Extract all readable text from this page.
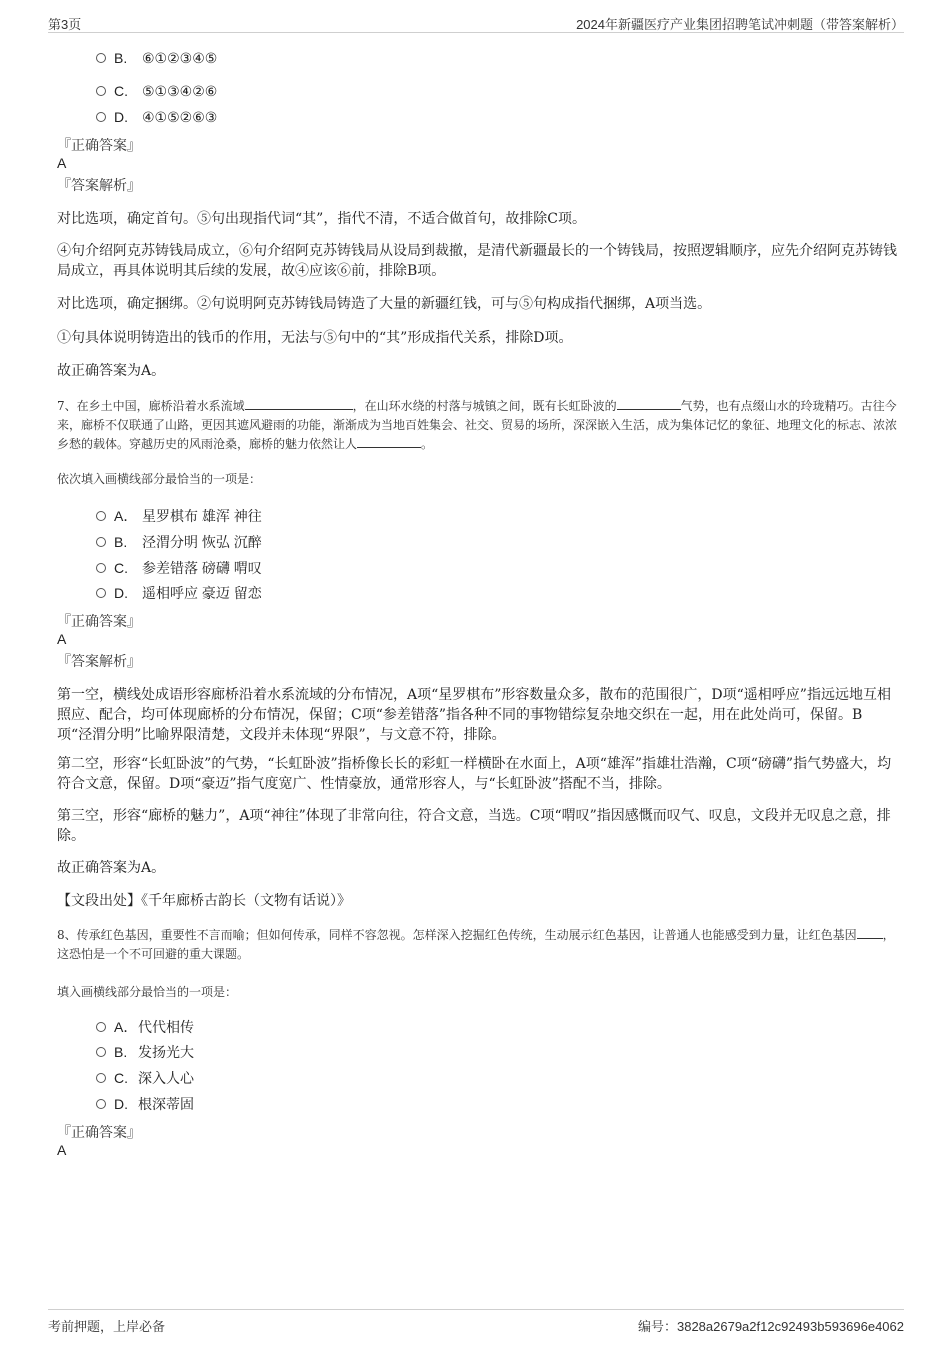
第3页	2024年新疆医疗产业集团招聘笔试冲刺题（带答案解析）
B. ⑥①②③④⑤
C. ⑤①③④②⑥
D. ④①⑤②⑥③
『正确答案』
A
『答案解析』
对比选项，确定首句。⑤句出现指代词“其”，指代不清，不适合做首句，故排除C项。
④句介绍阿克苏铸钱局成立，⑥句介绍阿克苏铸钱局从设局到裁撤，是清代新疆最长的一个铸钱局，按照逻辑顺序，应先介绍阿克苏铸钱局成立，再具体说明其后续的发展，故④应该⑥前，排除B项。
对比选项，确定捆绑。②句说明阿克苏铸钱局铸造了大量的新疆红钱，可与⑤句构成指代捆绑，A项当选。
①句具体说明铸造出的钱币的作用，无法与⑤句中的“其”形成指代关系，排除D项。
故正确答案为A。
7、在乡土中国，廊桥沿着水系流域	，在山环水绕的村落与城镇之间，既有长虹卧波的	气势，也有点缀山水的玲珑精巧。古往今来，廊桥不仅联通了山路，更因其遮风避雨的功能，渐渐成为当地百姓集会、社交、贸易的场所，深深嵌入生活，成为集体记忆的象征、地理文化的标志、浓浓乡愁的载体。穿越历史的风雨沧桑，廊桥的魅力依然让人	。
依次填入画横线部分最恰当的一项是：
A． 星罗棋布 雄浑 神往
B. 泾渭分明 恢弘 沉醉
C. 参差错落 磅礴 喟叹
D. 遥相呼应 豪迈 留恋
『正确答案』
A
『答案解析』
第一空，横线处成语形容廊桥沿着水系流域的分布情况，A项“星罗棋布”形容数量众多，散布的范围很广，D项“遥相呼应”指远远地互相照应、配合，均可体现廊桥的分布情况，保留；C项“参差错落”指各种不同的事物错综复杂地交织在一起，用在此处尚可，保留。B项“泾渭分明”比喻界限清楚，文段并未体现“界限”，与文意不符，排除。
第二空，形容“长虹卧波”的气势，“长虹卧波”指桥像长长的彩虹一样横卧在水面上，A项“雄浑”指雄壮浩瀚，C项“磅礴”指气势盛大，均符合文意，保留。D项“豪迈”指气度宽广、性情豪放，通常形容人，与“长虹卧波”搭配不当，排除。
第三空，形容“廊桥的魅力”，A项“神往”体现了非常向往，符合文意，当选。C项“喟叹”指因感慨而叹气、叹息，文段并无叹息之意，排除。
故正确答案为A。
【文段出处】《千年廊桥古韵长（文物有话说）》
8、传承红色基因，重要性不言而喻；但如何传承，同样不容忽视。怎样深入挖掘红色传统，生动展示红色基因，让普通人也能感受到力量，让红色基因 ，这恐怕是一个不可回避的重大课题。
填入画横线部分最恰当的一项是：
A．代代相传
B. 发扬光大
C. 深入人心
D. 根深蒂固
『正确答案』
A
考前押题，上岸必备	编号：3828a2679a2f12c92493b593696e4062
